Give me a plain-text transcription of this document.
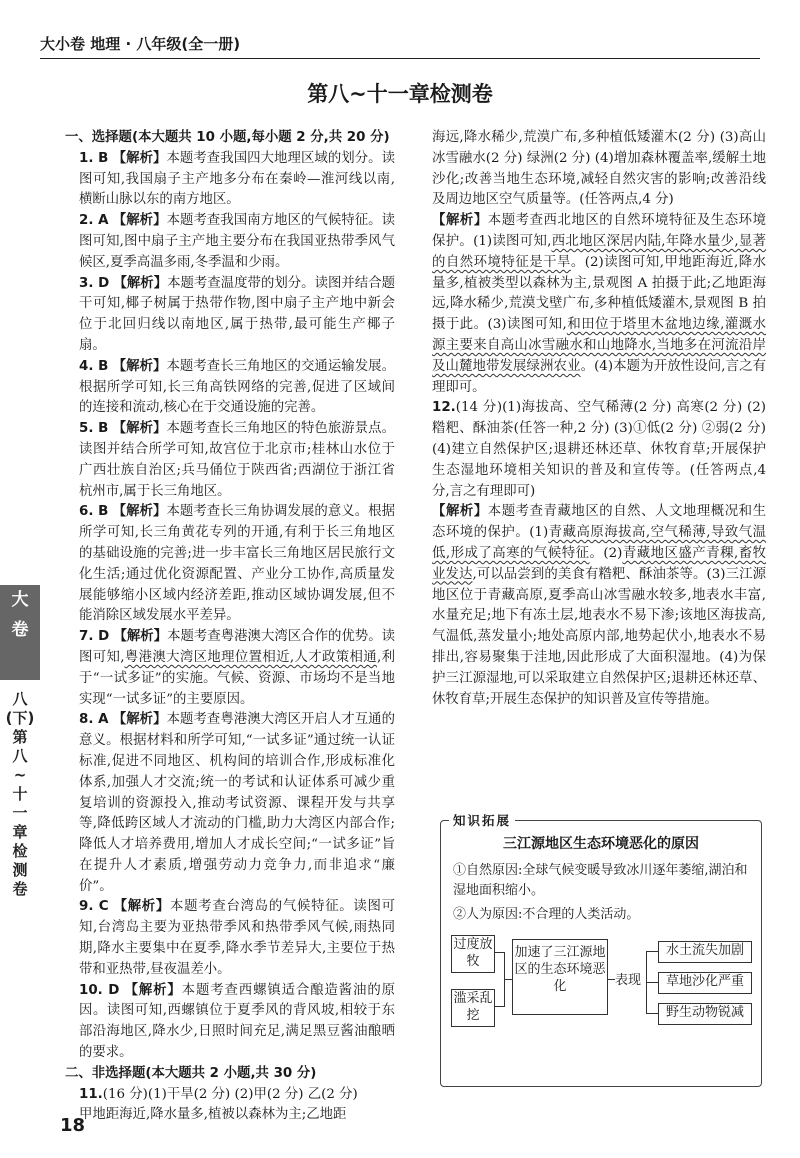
大小卷 地理 · 八年级(全一册)
第八~十一章检测卷

一、选择题(本大题共 10 小题,每小题 2 分,共 20 分)

1. B 【解析】本题考查我国四大地理区域的划分。读图可知,我国扇子主产地多分布在秦岭—淮河线以南,横断山脉以东的南方地区。

2. A 【解析】本题考查我国南方地区的气候特征。读图可知,图中扇子主产地主要分布在我国亚热带季风气候区,夏季高温多雨,冬季温和少雨。

3. D 【解析】本题考查温度带的划分。读图并结合题干可知,椰子树属于热带作物,图中扇子主产地中新会位于北回归线以南地区,属于热带,最可能生产椰子扇。

4. B 【解析】本题考查长三角地区的交通运输发展。根据所学可知,长三角高铁网络的完善,促进了区域间的连接和流动,核心在于交通设施的完善。

5. B 【解析】本题考查长三角地区的特色旅游景点。读图并结合所学可知,故宫位于北京市;桂林山水位于广西壮族自治区;兵马俑位于陕西省;西湖位于浙江省杭州市,属于长三角地区。

6. B 【解析】本题考查长三角协调发展的意义。根据所学可知,长三角黄花专列的开通,有利于长三角地区的基础设施的完善;进一步丰富长三角地区居民旅行文化生活;通过优化资源配置、产业分工协作,高质量发展能够缩小区域内经济差距,推动区域协调发展,但不能消除区域发展水平差异。

7. D 【解析】本题考查粤港澳大湾区合作的优势。读图可知,粤港澳大湾区地理位置相近,人才政策相通,利于“一试多证”的实施。气候、资源、市场均不是当地实现“一试多证”的主要原因。

8. A 【解析】本题考查粤港澳大湾区开启人才互通的意义。根据材料和所学可知,“一试多证”通过统一认证标准,促进不同地区、机构间的培训合作,形成标准化体系,加强人才交流;统一的考试和认证体系可减少重复培训的资源投入,推动考试资源、课程开发与共享等,降低跨区域人才流动的门槛,助力大湾区内部合作;降低人才培养费用,增加人才成长空间;“一试多证”旨在提升人才素质,增强劳动力竞争力,而非追求“廉价”。

9. C 【解析】本题考查台湾岛的气候特征。读图可知,台湾岛主要为亚热带季风和热带季风气候,雨热同期,降水主要集中在夏季,降水季节差异大,主要位于热带和亚热带,昼夜温差小。

10. D 【解析】本题考查西螺镇适合酿造酱油的原因。读图可知,西螺镇位于夏季风的背风坡,相较于东部沿海地区,降水少,日照时间充足,满足黑豆酱油酿晒的要求。

二、非选择题(本大题共 2 小题,共 30 分)

11.(16 分)(1)干旱(2 分) (2)甲(2 分) 乙(2 分)

甲地距海近,降水量多,植被以森林为主;乙地距

海远,降水稀少,荒漠广布,多种植低矮灌木(2 分) (3)高山冰雪融水(2 分) 绿洲(2 分) (4)增加森林覆盖率,缓解土地沙化;改善当地生态环境,减轻自然灾害的影响;改善沿线及周边地区空气质量等。(任答两点,4 分)

【解析】本题考查西北地区的自然环境特征及生态环境保护。(1)读图可知,西北地区深居内陆,年降水量少,显著的自然环境特征是干旱。(2)读图可知,甲地距海近,降水量多,植被类型以森林为主,景观图 A 拍摄于此;乙地距海远,降水稀少,荒漠戈壁广布,多种植低矮灌木,景观图 B 拍摄于此。(3)读图可知,和田位于塔里木盆地边缘,灌溉水源主要来自高山冰雪融水和山地降水,当地多在河流沿岸及山麓地带发展绿洲农业。(4)本题为开放性设问,言之有理即可。

12.(14 分)(1)海拔高、空气稀薄(2 分) 高寒(2 分) (2)糌粑、酥油茶(任答一种,2 分) (3)①低(2 分) ②弱(2 分) (4)建立自然保护区;退耕还林还草、休牧育草;开展保护生态湿地环境相关知识的普及和宣传等。(任答两点,4 分,言之有理即可)

【解析】本题考查青藏地区的自然、人文地理概况和生态环境的保护。(1)青藏高原海拔高,空气稀薄,导致气温低,形成了高寒的气候特征。(2)青藏地区盛产青稞,畜牧业发达,可以品尝到的美食有糌粑、酥油茶等。(3)三江源地区位于青藏高原,夏季高山冰雪融水较多,地表水丰富,水量充足;地下有冻土层,地表水不易下渗;该地区海拔高,气温低,蒸发量小;地处高原内部,地势起伏小,地表水不易排出,容易聚集于洼地,因此形成了大面积湿地。(4)为保护三江源湿地,可以采取建立自然保护区;退耕还林还草、休牧育草;开展生态保护的知识普及宣传等措施。

知识拓展
三江源地区生态环境恶化的原因
①自然原因:全球气候变暖导致冰川逐年萎缩,湖泊和湿地面积缩小。
②人为原因:不合理的人类活动。
过度放牧
滥采乱挖
加速了三江源地区的生态环境恶化	表现
水土流失加剧
草地沙化严重
野生动物锐减
大
卷
八
(下)
第
八
~
十
一
章
检
测
卷
18
